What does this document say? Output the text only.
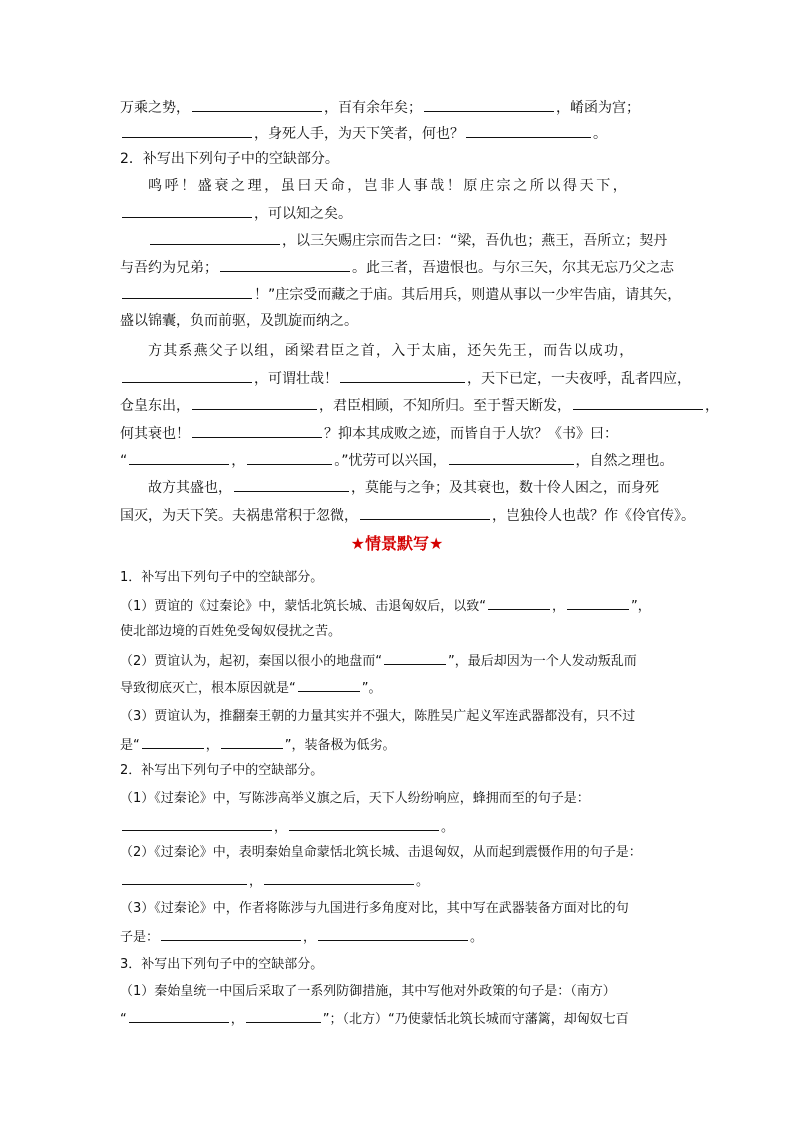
万乘之势，	，百有余年矣；	，崤函为宫；
，身死人手，为天下笑者，何也？	。
2．补写出下列句子中的空缺部分。
鸣呼！盛衰之理，虽曰天命，岂非人事哉！原庄宗之所以得天下，
，可以知之矣。
，以三矢赐庄宗而告之曰：“梁，吾仇也；燕王，吾所立；契丹
与吾约为兄弟；	。此三者，吾遗恨也。与尔三矢，尔其无忘乃父之志
！”庄宗受而藏之于庙。其后用兵，则遣从事以一少牢告庙，请其矢，
盛以锦囊，负而前驱，及凯旋而纳之。
方其系燕父子以组，函梁君臣之首，入于太庙，还矢先王，而告以成功，
，可谓壮哉！	，天下已定，一夫夜呼，乱者四应，
仓皇东出，	，君臣相顾，不知所归。至于誓天断发，	，
何其衰也！	？抑本其成败之迹，而皆自于人欤？《书》曰：
“	，	。”忧劳可以兴国，	，自然之理也。
故方其盛也，	，莫能与之争；及其衰也，数十伶人困之，而身死
国灭，为天下笑。夫祸患常积于忽微，	，岂独伶人也哉？作《伶官传》。
★情景默写★
1．补写出下列句子中的空缺部分。
（1）贾谊的《过秦论》中，蒙恬北筑长城、击退匈奴后，以致“	，	”，
使北部边境的百姓免受匈奴侵扰之苦。
（2）贾谊认为，起初，秦国以很小的地盘而“	”，最后却因为一个人发动叛乱而
导致彻底灭亡，根本原因就是“	”。
（3）贾谊认为，推翻秦王朝的力量其实并不强大，陈胜吴广起义军连武器都没有，只不过
是“	，	”，装备极为低劣。
2．补写出下列句子中的空缺部分。
（1）《过秦论》中，写陈涉高举义旗之后，天下人纷纷响应，蜂拥而至的句子是：
，	。
（2）《过秦论》中，表明秦始皇命蒙恬北筑长城、击退匈奴，从而起到震慑作用的句子是：
，	。
（3）《过秦论》中，作者将陈涉与九国进行多角度对比，其中写在武器装备方面对比的句
子是：	，	。
3．补写出下列句子中的空缺部分。
（1）秦始皇统一中国后采取了一系列防御措施，其中写他对外政策的句子是：（南方）
“	，	”；（北方）“乃使蒙恬北筑长城而守藩篱，却匈奴七百
